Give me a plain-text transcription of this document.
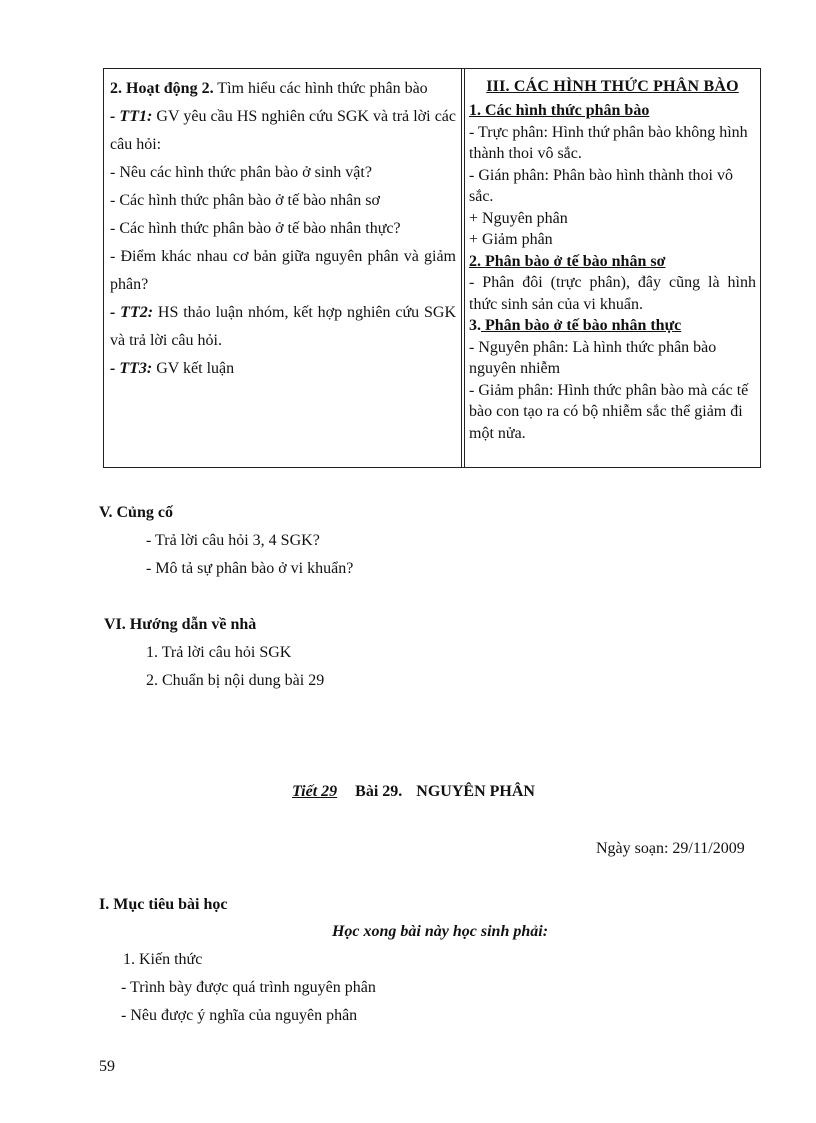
2. Hoạt động 2. Tìm hiểu các hình thức phân bào
- TT1: GV yêu cầu HS nghiên cứu SGK và trả lời các câu hỏi:
- Nêu các hình thức phân bào ở sinh vật?
- Các hình thức phân bào ở tế bào nhân sơ
- Các hình thức phân bào ở tế bào nhân thực?
- Điểm khác nhau cơ bản giữa nguyên phân và giảm phân?
- TT2: HS thảo luận nhóm, kết hợp nghiên cứu SGK và trả lời câu hỏi.
- TT3: GV kết luận
III. CÁC HÌNH THỨC PHÂN BÀO
1. Các hình thức phân bào
- Trực phân: Hình thứ phân bào không hình thành thoi vô sắc.
- Gián phân: Phân bào hình thành thoi vô sắc.
+ Nguyên phân
+ Giảm phân
2. Phân bào ở tế bào nhân sơ
- Phân đôi (trực phân), đây cũng là hình thức sinh sản của vi khuẩn.
3. Phân bào ở tế bào nhân thực
- Nguyên phân: Là hình thức phân bào nguyên nhiễm
- Giảm phân: Hình thức phân bào mà các tế bào con tạo ra có bộ nhiễm sắc thể giảm đi một nửa.
V. Củng cố
- Trả lời câu hỏi 3, 4 SGK?
- Mô tả sự phân bào ở vi khuẩn?
VI. Hướng dẫn về nhà
1. Trả lời câu hỏi SGK
2. Chuẩn bị nội dung bài 29
Tiết 29 Bài 29. NGUYÊN PHÂN
Ngày soạn: 29/11/2009
I. Mục tiêu bài học
Học xong bài này học sinh phải:
1. Kiến thức
- Trình bày được quá trình nguyên phân
- Nêu được ý nghĩa của nguyên phân
59
